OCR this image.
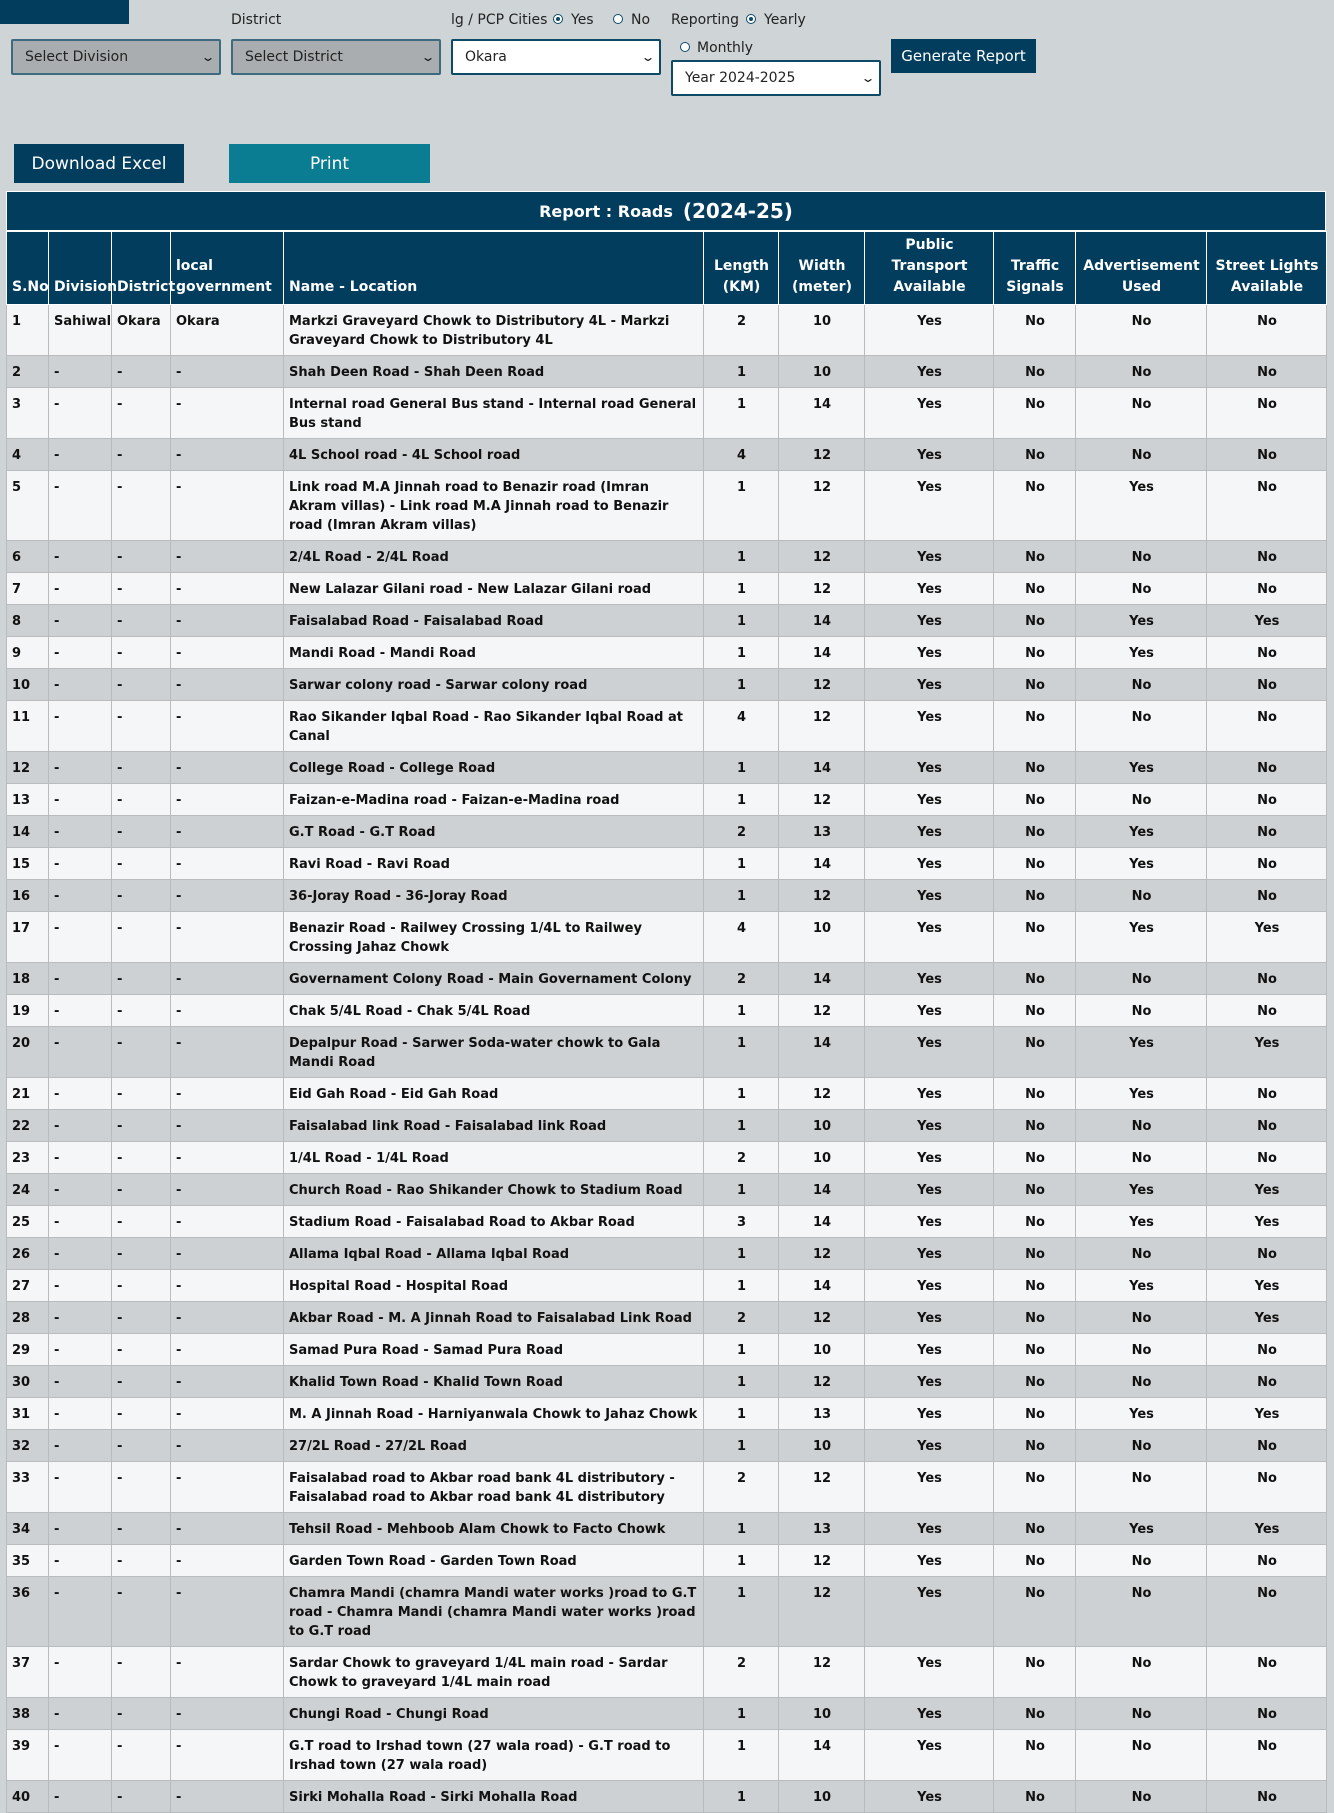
District	lg / PCP Cities Yes	No Reporting Yearly
Monthly
Select Division	⌄ Select District	⌄ Okara	⌄
Year 2024-2025	⌄
Generate Report
Download Excel	Print
Report : Roads (2024-25)
S.No	Division	District	local government	Name - Location	Length (KM)	Width (meter)	Public Transport Available	Traffic Signals	Advertisement Used	Street Lights Available
1	Sahiwal	Okara	Okara	Markzi Graveyard Chowk to Distributory 4L - Markzi Graveyard Chowk to Distributory 4L	2	10	Yes	No	No	No
2	-	-	-	Shah Deen Road - Shah Deen Road	1	10	Yes	No	No	No
3	-	-	-	Internal road General Bus stand - Internal road General Bus stand	1	14	Yes	No	No	No
4	-	-	-	4L School road - 4L School road	4	12	Yes	No	No	No
5	-	-	-	Link road M.A Jinnah road to Benazir road (Imran Akram villas) - Link road M.A Jinnah road to Benazir road (Imran Akram villas)	1	12	Yes	No	Yes	No
6	-	-	-	2/4L Road - 2/4L Road	1	12	Yes	No	No	No
7	-	-	-	New Lalazar Gilani road - New Lalazar Gilani road	1	12	Yes	No	No	No
8	-	-	-	Faisalabad Road - Faisalabad Road	1	14	Yes	No	Yes	Yes
9	-	-	-	Mandi Road - Mandi Road	1	14	Yes	No	Yes	No
10	-	-	-	Sarwar colony road - Sarwar colony road	1	12	Yes	No	No	No
11	-	-	-	Rao Sikander Iqbal Road - Rao Sikander Iqbal Road at Canal	4	12	Yes	No	No	No
12	-	-	-	College Road - College Road	1	14	Yes	No	Yes	No
13	-	-	-	Faizan-e-Madina road - Faizan-e-Madina road	1	12	Yes	No	No	No
14	-	-	-	G.T Road - G.T Road	2	13	Yes	No	Yes	No
15	-	-	-	Ravi Road - Ravi Road	1	14	Yes	No	Yes	No
16	-	-	-	36-Joray Road - 36-Joray Road	1	12	Yes	No	No	No
17	-	-	-	Benazir Road - Railwey Crossing 1/4L to Railwey Crossing Jahaz Chowk	4	10	Yes	No	Yes	Yes
18	-	-	-	Governament Colony Road - Main Governament Colony	2	14	Yes	No	No	No
19	-	-	-	Chak 5/4L Road - Chak 5/4L Road	1	12	Yes	No	No	No
20	-	-	-	Depalpur Road - Sarwer Soda-water chowk to Gala Mandi Road	1	14	Yes	No	Yes	Yes
21	-	-	-	Eid Gah Road - Eid Gah Road	1	12	Yes	No	Yes	No
22	-	-	-	Faisalabad link Road - Faisalabad link Road	1	10	Yes	No	No	No
23	-	-	-	1/4L Road - 1/4L Road	2	10	Yes	No	No	No
24	-	-	-	Church Road - Rao Shikander Chowk to Stadium Road	1	14	Yes	No	Yes	Yes
25	-	-	-	Stadium Road - Faisalabad Road to Akbar Road	3	14	Yes	No	Yes	Yes
26	-	-	-	Allama Iqbal Road - Allama Iqbal Road	1	12	Yes	No	No	No
27	-	-	-	Hospital Road - Hospital Road	1	14	Yes	No	Yes	Yes
28	-	-	-	Akbar Road - M. A Jinnah Road to Faisalabad Link Road	2	12	Yes	No	No	Yes
29	-	-	-	Samad Pura Road - Samad Pura Road	1	10	Yes	No	No	No
30	-	-	-	Khalid Town Road - Khalid Town Road	1	12	Yes	No	No	No
31	-	-	-	M. A Jinnah Road - Harniyanwala Chowk to Jahaz Chowk	1	13	Yes	No	Yes	Yes
32	-	-	-	27/2L Road - 27/2L Road	1	10	Yes	No	No	No
33	-	-	-	Faisalabad road to Akbar road bank 4L distributory - Faisalabad road to Akbar road bank 4L distributory	2	12	Yes	No	No	No
34	-	-	-	Tehsil Road - Mehboob Alam Chowk to Facto Chowk	1	13	Yes	No	Yes	Yes
35	-	-	-	Garden Town Road - Garden Town Road	1	12	Yes	No	No	No
36	-	-	-	Chamra Mandi (chamra Mandi water works )road to G.T road - Chamra Mandi (chamra Mandi water works )road to G.T road	1	12	Yes	No	No	No
37	-	-	-	Sardar Chowk to graveyard 1/4L main road - Sardar Chowk to graveyard 1/4L main road	2	12	Yes	No	No	No
38	-	-	-	Chungi Road - Chungi Road	1	10	Yes	No	No	No
39	-	-	-	G.T road to Irshad town (27 wala road) - G.T road to Irshad town (27 wala road)	1	14	Yes	No	No	No
40	-	-	-	Sirki Mohalla Road - Sirki Mohalla Road	1	10	Yes	No	No	No
